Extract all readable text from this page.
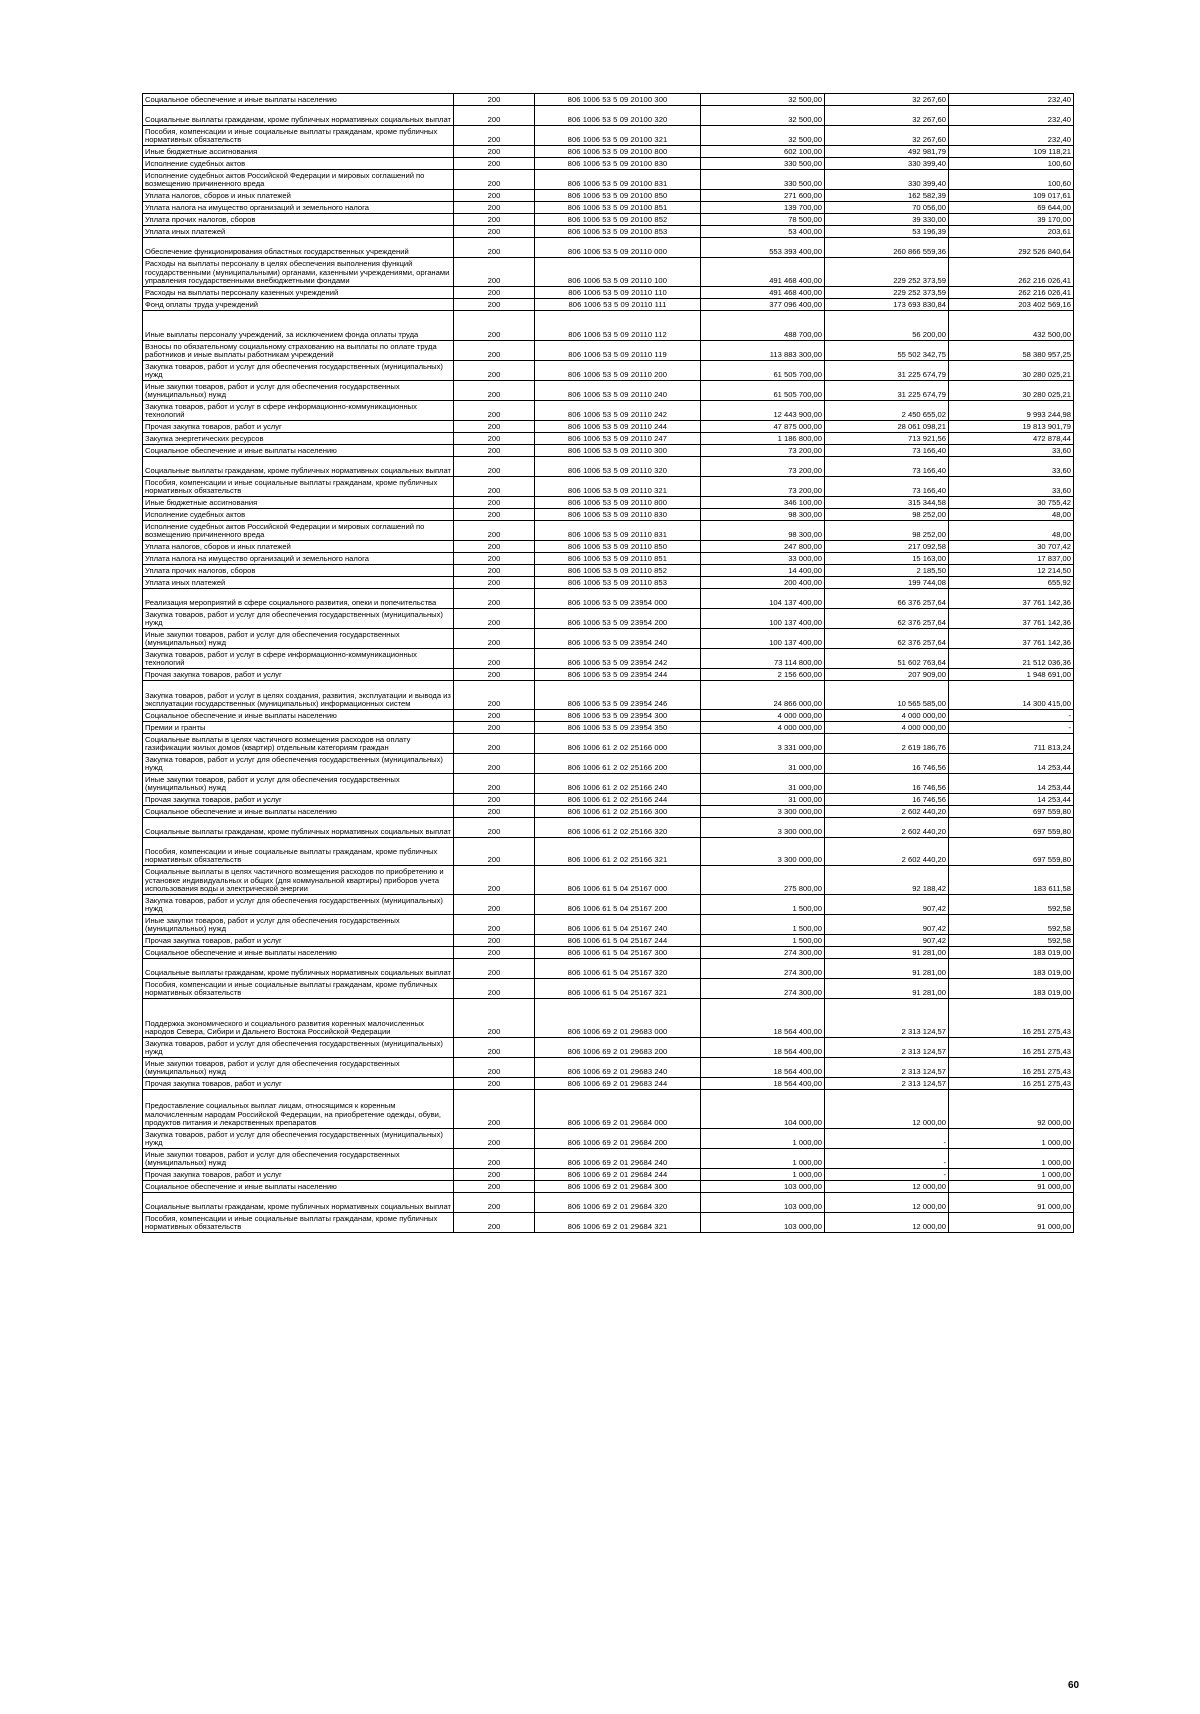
Социальное обеспечение и иные выплаты населению	200	806 1006 53 5 09 20100 300	32 500,00	32 267,60	232,40
Социальные выплаты гражданам, кроме публичных нормативных социальных выплат	200	806 1006 53 5 09 20100 320	32 500,00	32 267,60	232,40
Пособия, компенсации и иные социальные выплаты гражданам, кроме публичных нормативных обязательств	200	806 1006 53 5 09 20100 321	32 500,00	32 267,60	232,40
Иные бюджетные ассигнования	200	806 1006 53 5 09 20100 800	602 100,00	492 981,79	109 118,21
Исполнение судебных актов	200	806 1006 53 5 09 20100 830	330 500,00	330 399,40	100,60
Исполнение судебных актов Российской Федерации и мировых соглашений по возмещению причиненного вреда	200	806 1006 53 5 09 20100 831	330 500,00	330 399,40	100,60
Уплата налогов, сборов и иных платежей	200	806 1006 53 5 09 20100 850	271 600,00	162 582,39	109 017,61
Уплата налога на имущество организаций и земельного налога	200	806 1006 53 5 09 20100 851	139 700,00	70 056,00	69 644,00
Уплата прочих налогов, сборов	200	806 1006 53 5 09 20100 852	78 500,00	39 330,00	39 170,00
Уплата иных платежей	200	806 1006 53 5 09 20100 853	53 400,00	53 196,39	203,61
Обеспечение функционирования областных государственных учреждений	200	806 1006 53 5 09 20110 000	553 393 400,00	260 866 559,36	292 526 840,64
Расходы на выплаты персоналу в целях обеспечения выполнения функций государственными (муниципальными) органами, казенными учреждениями, органами управления государственными внебюджетными фондами	200	806 1006 53 5 09 20110 100	491 468 400,00	229 252 373,59	262 216 026,41
Расходы на выплаты персоналу казенных учреждений	200	806 1006 53 5 09 20110 110	491 468 400,00	229 252 373,59	262 216 026,41
Фонд оплаты труда учреждений	200	806 1006 53 5 09 20110 111	377 096 400,00	173 693 830,84	203 402 569,16
Иные выплаты персоналу учреждений, за исключением фонда оплаты труда	200	806 1006 53 5 09 20110 112	488 700,00	56 200,00	432 500,00
Взносы по обязательному социальному страхованию на выплаты по оплате труда работников и иные выплаты работникам учреждений	200	806 1006 53 5 09 20110 119	113 883 300,00	55 502 342,75	58 380 957,25
Закупка товаров, работ и услуг для обеспечения государственных (муниципальных) нужд	200	806 1006 53 5 09 20110 200	61 505 700,00	31 225 674,79	30 280 025,21
Иные закупки товаров, работ и услуг для обеспечения государственных (муниципальных) нужд	200	806 1006 53 5 09 20110 240	61 505 700,00	31 225 674,79	30 280 025,21
Закупка товаров, работ и услуг в сфере информационно-коммуникационных технологий	200	806 1006 53 5 09 20110 242	12 443 900,00	2 450 655,02	9 993 244,98
Прочая закупка товаров, работ и услуг	200	806 1006 53 5 09 20110 244	47 875 000,00	28 061 098,21	19 813 901,79
Закупка энергетических ресурсов	200	806 1006 53 5 09 20110 247	1 186 800,00	713 921,56	472 878,44
Социальное обеспечение и иные выплаты населению	200	806 1006 53 5 09 20110 300	73 200,00	73 166,40	33,60
Социальные выплаты гражданам, кроме публичных нормативных социальных выплат	200	806 1006 53 5 09 20110 320	73 200,00	73 166,40	33,60
Пособия, компенсации и иные социальные выплаты гражданам, кроме публичных нормативных обязательств	200	806 1006 53 5 09 20110 321	73 200,00	73 166,40	33,60
Иные бюджетные ассигнования	200	806 1006 53 5 09 20110 800	346 100,00	315 344,58	30 755,42
Исполнение судебных актов	200	806 1006 53 5 09 20110 830	98 300,00	98 252,00	48,00
Исполнение судебных актов Российской Федерации и мировых соглашений по возмещению причиненного вреда	200	806 1006 53 5 09 20110 831	98 300,00	98 252,00	48,00
Уплата налогов, сборов и иных платежей	200	806 1006 53 5 09 20110 850	247 800,00	217 092,58	30 707,42
Уплата налога на имущество организаций и земельного налога	200	806 1006 53 5 09 20110 851	33 000,00	15 163,00	17 837,00
Уплата прочих налогов, сборов	200	806 1006 53 5 09 20110 852	14 400,00	2 185,50	12 214,50
Уплата иных платежей	200	806 1006 53 5 09 20110 853	200 400,00	199 744,08	655,92
Реализация мероприятий в сфере социального развития, опеки и попечительства	200	806 1006 53 5 09 23954 000	104 137 400,00	66 376 257,64	37 761 142,36
Закупка товаров, работ и услуг для обеспечения государственных (муниципальных) нужд	200	806 1006 53 5 09 23954 200	100 137 400,00	62 376 257,64	37 761 142,36
Иные закупки товаров, работ и услуг для обеспечения государственных (муниципальных) нужд	200	806 1006 53 5 09 23954 240	100 137 400,00	62 376 257,64	37 761 142,36
Закупка товаров, работ и услуг в сфере информационно-коммуникационных технологий	200	806 1006 53 5 09 23954 242	73 114 800,00	51 602 763,64	21 512 036,36
Прочая закупка товаров, работ и услуг	200	806 1006 53 5 09 23954 244	2 156 600,00	207 909,00	1 948 691,00
Закупка товаров, работ и услуг в целях создания, развития, эксплуатации и вывода из эксплуатации государственных (муниципальных) информационных систем	200	806 1006 53 5 09 23954 246	24 866 000,00	10 565 585,00	14 300 415,00
Социальное обеспечение и иные выплаты населению	200	806 1006 53 5 09 23954 300	4 000 000,00	4 000 000,00	-
Премии и гранты	200	806 1006 53 5 09 23954 350	4 000 000,00	4 000 000,00	-
Социальные выплаты в целях частичного возмещения расходов на оплату газификации жилых домов (квартир) отдельным категориям граждан	200	806 1006 61 2 02 25166 000	3 331 000,00	2 619 186,76	711 813,24
Закупка товаров, работ и услуг для обеспечения государственных (муниципальных) нужд	200	806 1006 61 2 02 25166 200	31 000,00	16 746,56	14 253,44
Иные закупки товаров, работ и услуг для обеспечения государственных (муниципальных) нужд	200	806 1006 61 2 02 25166 240	31 000,00	16 746,56	14 253,44
Прочая закупка товаров, работ и услуг	200	806 1006 61 2 02 25166 244	31 000,00	16 746,56	14 253,44
Социальное обеспечение и иные выплаты населению	200	806 1006 61 2 02 25166 300	3 300 000,00	2 602 440,20	697 559,80
Социальные выплаты гражданам, кроме публичных нормативных социальных выплат	200	806 1006 61 2 02 25166 320	3 300 000,00	2 602 440,20	697 559,80
Пособия, компенсации и иные социальные выплаты гражданам, кроме публичных нормативных обязательств	200	806 1006 61 2 02 25166 321	3 300 000,00	2 602 440,20	697 559,80
Социальные выплаты в целях частичного возмещения расходов по приобретению и установке индивидуальных и общих (для коммунальной квартиры) приборов учета использования воды и электрической энергии	200	806 1006 61 5 04 25167 000	275 800,00	92 188,42	183 611,58
Закупка товаров, работ и услуг для обеспечения государственных (муниципальных) нужд	200	806 1006 61 5 04 25167 200	1 500,00	907,42	592,58
Иные закупки товаров, работ и услуг для обеспечения государственных (муниципальных) нужд	200	806 1006 61 5 04 25167 240	1 500,00	907,42	592,58
Прочая закупка товаров, работ и услуг	200	806 1006 61 5 04 25167 244	1 500,00	907,42	592,58
Социальное обеспечение и иные выплаты населению	200	806 1006 61 5 04 25167 300	274 300,00	91 281,00	183 019,00
Социальные выплаты гражданам, кроме публичных нормативных социальных выплат	200	806 1006 61 5 04 25167 320	274 300,00	91 281,00	183 019,00
Пособия, компенсации и иные социальные выплаты гражданам, кроме публичных нормативных обязательств	200	806 1006 61 5 04 25167 321	274 300,00	91 281,00	183 019,00
Поддержка экономического и социального развития коренных малочисленных народов Севера, Сибири и Дальнего Востока Российской Федерации	200	806 1006 69 2 01 29683 000	18 564 400,00	2 313 124,57	16 251 275,43
Закупка товаров, работ и услуг для обеспечения государственных (муниципальных) нужд	200	806 1006 69 2 01 29683 200	18 564 400,00	2 313 124,57	16 251 275,43
Иные закупки товаров, работ и услуг для обеспечения государственных (муниципальных) нужд	200	806 1006 69 2 01 29683 240	18 564 400,00	2 313 124,57	16 251 275,43
Прочая закупка товаров, работ и услуг	200	806 1006 69 2 01 29683 244	18 564 400,00	2 313 124,57	16 251 275,43
Предоставление социальных выплат лицам, относящимся к коренным малочисленным народам Российской Федерации, на приобретение одежды, обуви, продуктов питания и лекарственных препаратов	200	806 1006 69 2 01 29684 000	104 000,00	12 000,00	92 000,00
Закупка товаров, работ и услуг для обеспечения государственных (муниципальных) нужд	200	806 1006 69 2 01 29684 200	1 000,00	-	1 000,00
Иные закупки товаров, работ и услуг для обеспечения государственных (муниципальных) нужд	200	806 1006 69 2 01 29684 240	1 000,00	-	1 000,00
Прочая закупка товаров, работ и услуг	200	806 1006 69 2 01 29684 244	1 000,00	-	1 000,00
Социальное обеспечение и иные выплаты населению	200	806 1006 69 2 01 29684 300	103 000,00	12 000,00	91 000,00
Социальные выплаты гражданам, кроме публичных нормативных социальных выплат	200	806 1006 69 2 01 29684 320	103 000,00	12 000,00	91 000,00
Пособия, компенсации и иные социальные выплаты гражданам, кроме публичных нормативных обязательств	200	806 1006 69 2 01 29684 321	103 000,00	12 000,00	91 000,00
60
